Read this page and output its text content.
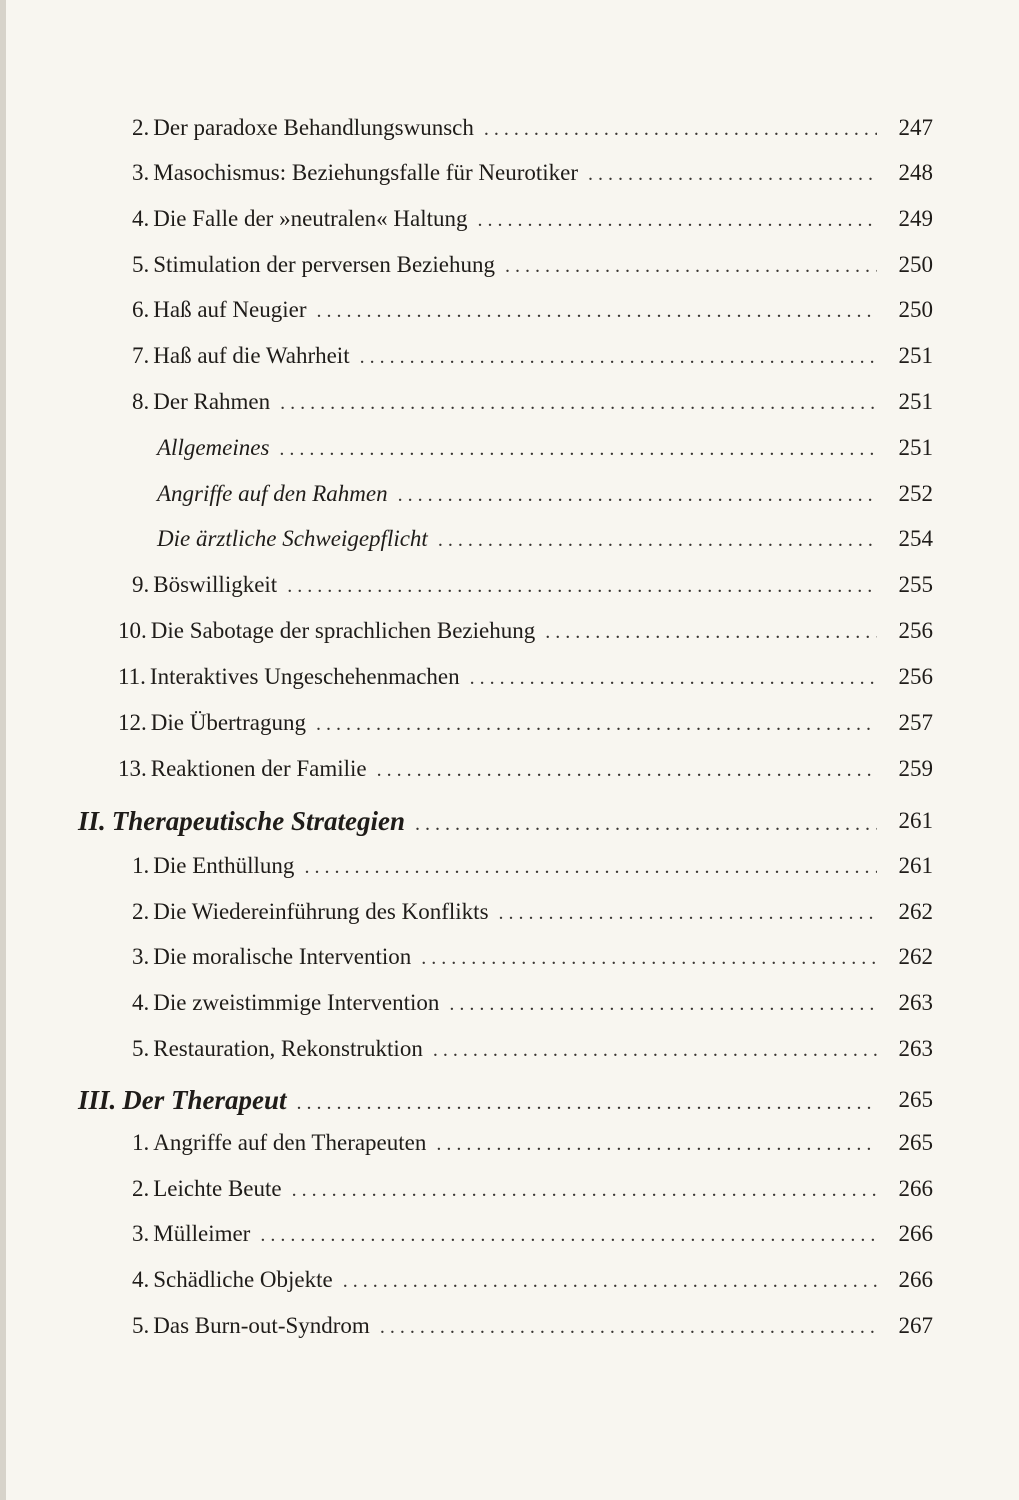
2. Der paradoxe Behandlungswunsch . . .	247
3. Masochismus: Beziehungsfalle für Neurotiker . . .	248
4. Die Falle der »neutralen« Haltung . . .	249
5. Stimulation der perversen Beziehung . . .	250
6. Haß auf Neugier . . .	250
7. Haß auf die Wahrheit . . .	251
8. Der Rahmen . . .	251
Allgemeines . . .	251
Angriffe auf den Rahmen . . .	252
Die ärztliche Schweigepflicht . . .	254
9. Böswilligkeit . . .	255
10. Die Sabotage der sprachlichen Beziehung . . .	256
11. Interaktives Ungeschehenmachen . . .	256
12. Die Übertragung . . .	257
13. Reaktionen der Familie . . .	259
II. Therapeutische Strategien . . .	261
1. Die Enthüllung . . .	261
2. Die Wiedereinführung des Konflikts . . .	262
3. Die moralische Intervention . . .	262
4. Die zweistimmige Intervention . . .	263
5. Restauration, Rekonstruktion . . .	263
III. Der Therapeut . . .	265
1. Angriffe auf den Therapeuten . . .	265
2. Leichte Beute . . .	266
3. Mülleimer . . .	266
4. Schädliche Objekte . . .	266
5. Das Burn-out-Syndrom . . .	267
